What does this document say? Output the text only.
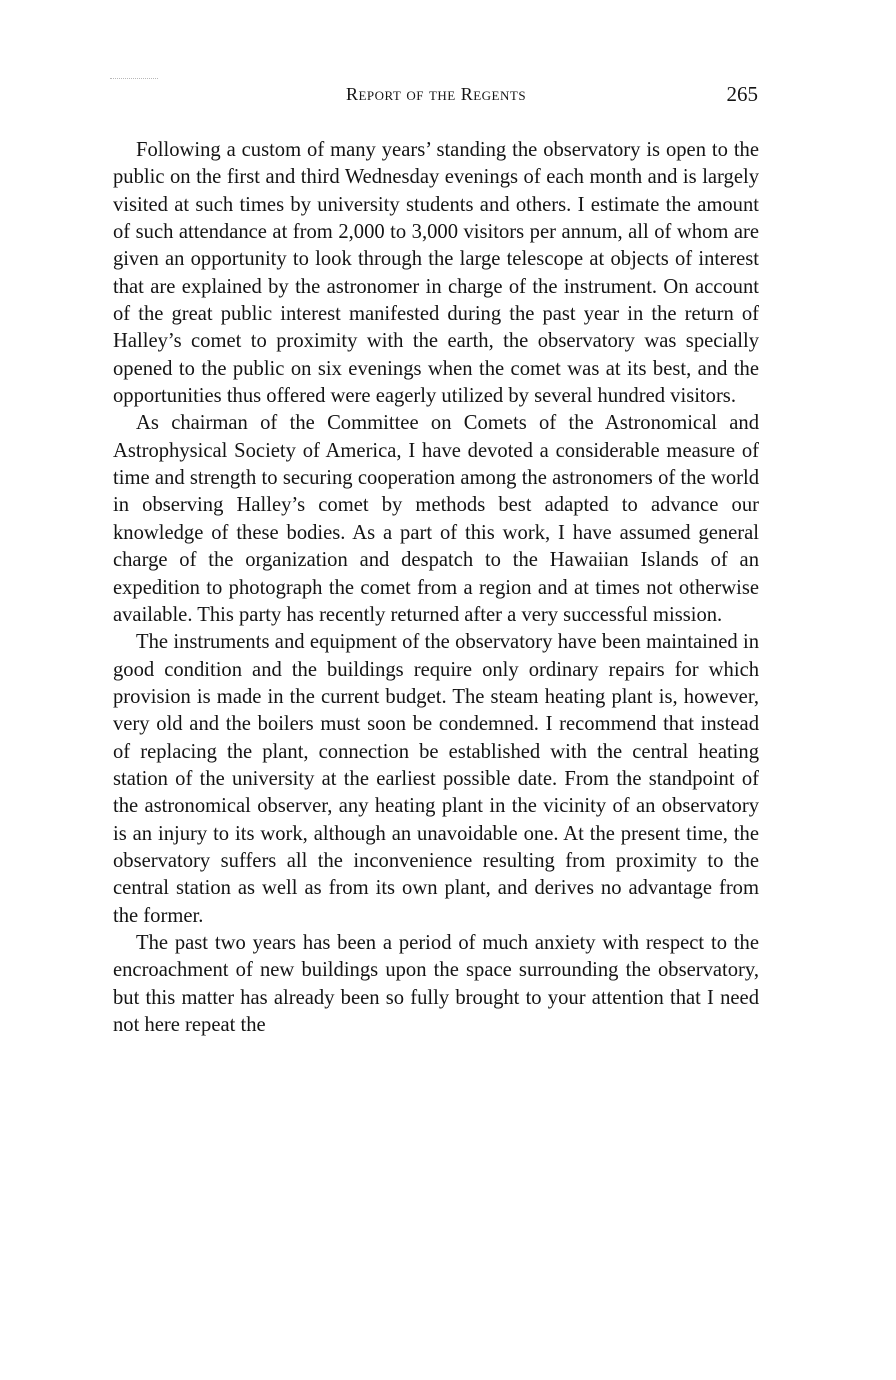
Report of the Regents	265

Following a custom of many years’ standing the observatory is open to the public on the first and third Wednesday evenings of each month and is largely visited at such times by university students and others. I estimate the amount of such attendance at from 2,000 to 3,000 visitors per annum, all of whom are given an opportunity to look through the large telescope at objects of interest that are explained by the astronomer in charge of the instrument. On account of the great public interest manifested during the past year in the return of Halley’s comet to proximity with the earth, the observatory was specially opened to the public on six evenings when the comet was at its best, and the opportunities thus offered were eagerly utilized by several hundred visitors.

As chairman of the Committee on Comets of the Astronomical and Astrophysical Society of America, I have devoted a considerable measure of time and strength to securing cooperation among the astronomers of the world in observing Halley’s comet by methods best adapted to advance our knowledge of these bodies. As a part of this work, I have assumed general charge of the organization and despatch to the Hawaiian Islands of an expedition to photograph the comet from a region and at times not otherwise available. This party has recently returned after a very successful mission.

The instruments and equipment of the observatory have been maintained in good condition and the buildings require only ordinary repairs for which provision is made in the current budget. The steam heating plant is, however, very old and the boilers must soon be condemned. I recommend that instead of replacing the plant, connection be established with the central heating station of the university at the earliest possible date. From the standpoint of the astronomical observer, any heating plant in the vicinity of an observatory is an injury to its work, although an unavoidable one. At the present time, the observatory suffers all the inconvenience resulting from proximity to the central station as well as from its own plant, and derives no advantage from the former.

The past two years has been a period of much anxiety with respect to the encroachment of new buildings upon the space surrounding the observatory, but this matter has already been so fully brought to your attention that I need not here repeat the
